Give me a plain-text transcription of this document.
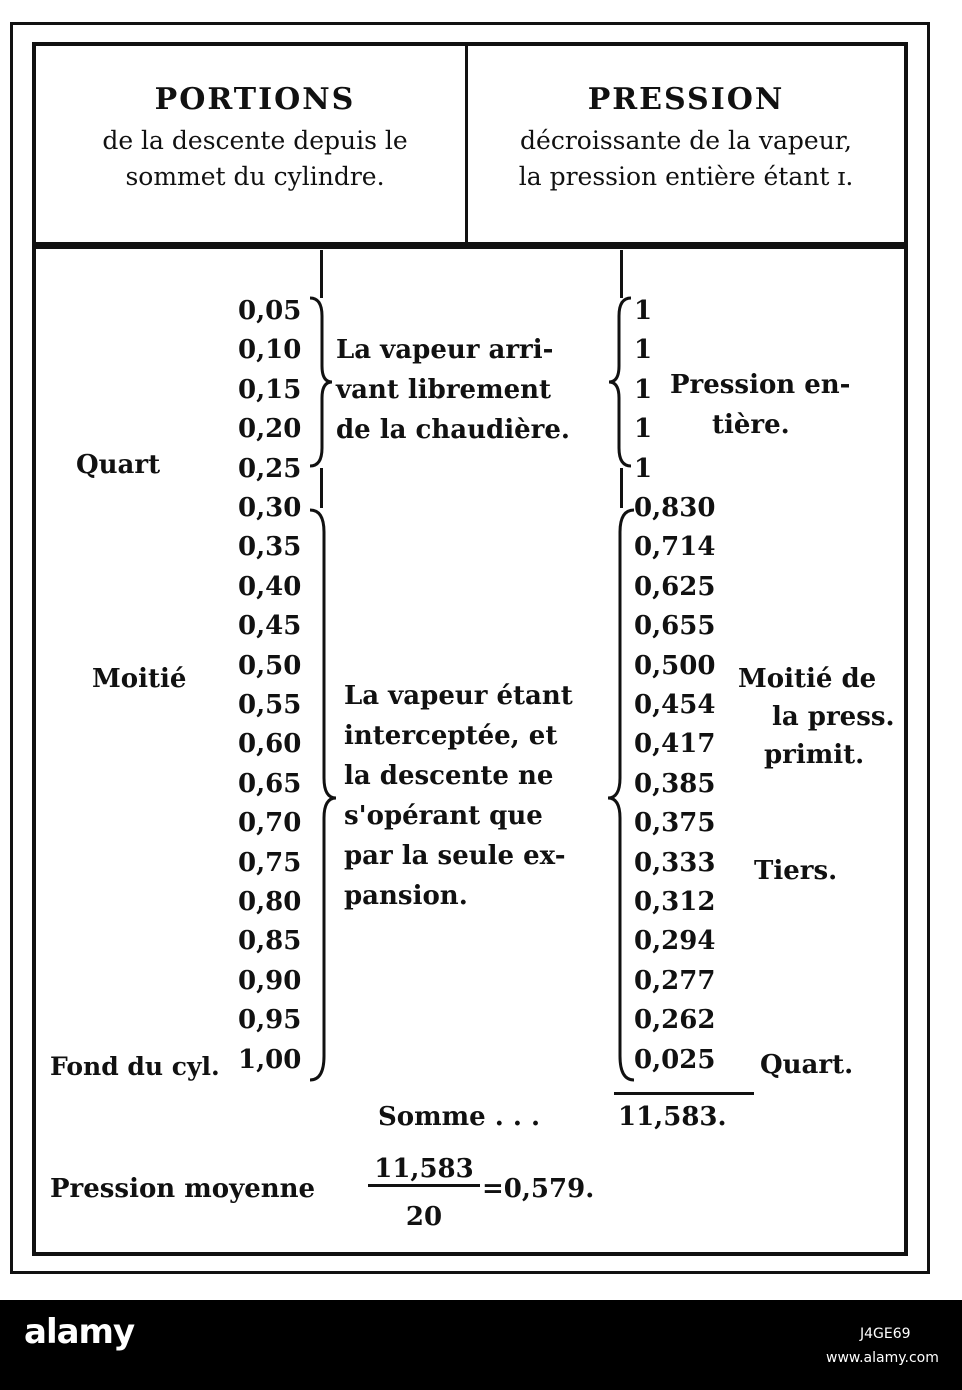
PORTIONS
de la descente depuis le
sommet du cylindre.
PRESSION
décroissante de la vapeur,
la pression entière étant ɪ.
0,05
0,10
0,15
0,20
0,25
0,30
0,35
0,40
0,45
0,50
0,55
0,60
0,65
0,70
0,75
0,80
0,85
0,90
0,95
1,00
1
1
1
1
1
0,830
0,714
0,625
0,655
0,500
0,454
0,417
0,385
0,375
0,333
0,312
0,294
0,277
0,262
0,025
Quart
Moitié
Fond du cyl.
La vapeur arri-
vant librement
de la chaudière.
La vapeur étant
interceptée, et
la descente ne
s'opérant que
par la seule ex-
pansion.
Pression en-
tière.
Moitié de
la press.
primit.
Tiers.
Quart.
Somme . . .	11,583.
Pression moyenne
11,583
20
=0,579.
alamy	J4GE69
www.alamy.com
